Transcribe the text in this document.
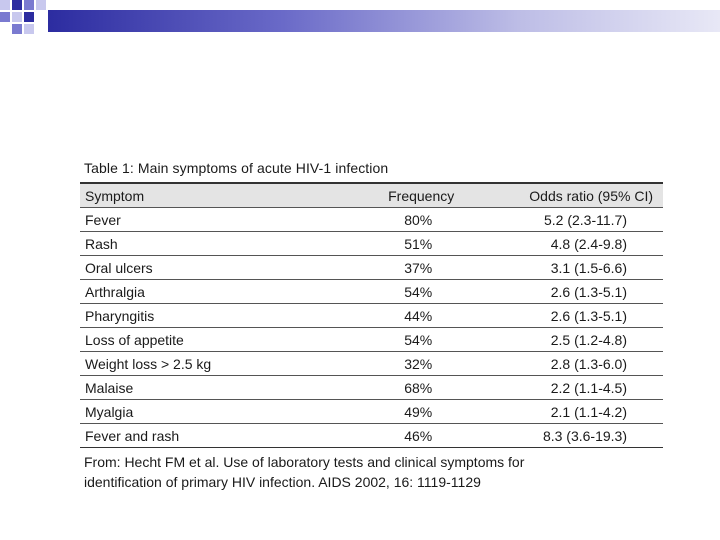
Table 1: Main symptoms of acute HIV-1 infection
Symptom	Frequency	Odds ratio (95% CI)
Fever	80%	5.2 (2.3-11.7)
Rash	51%	4.8 (2.4-9.8)
Oral ulcers	37%	3.1 (1.5-6.6)
Arthralgia	54%	2.6 (1.3-5.1)
Pharyngitis	44%	2.6 (1.3-5.1)
Loss of appetite	54%	2.5 (1.2-4.8)
Weight loss > 2.5 kg	32%	2.8 (1.3-6.0)
Malaise	68%	2.2 (1.1-4.5)
Myalgia	49%	2.1 (1.1-4.2)
Fever and rash	46%	8.3 (3.6-19.3)
From: Hecht FM et al. Use of laboratory tests and clinical symptoms for
identification of primary HIV infection. AIDS 2002, 16: 1119-1129
